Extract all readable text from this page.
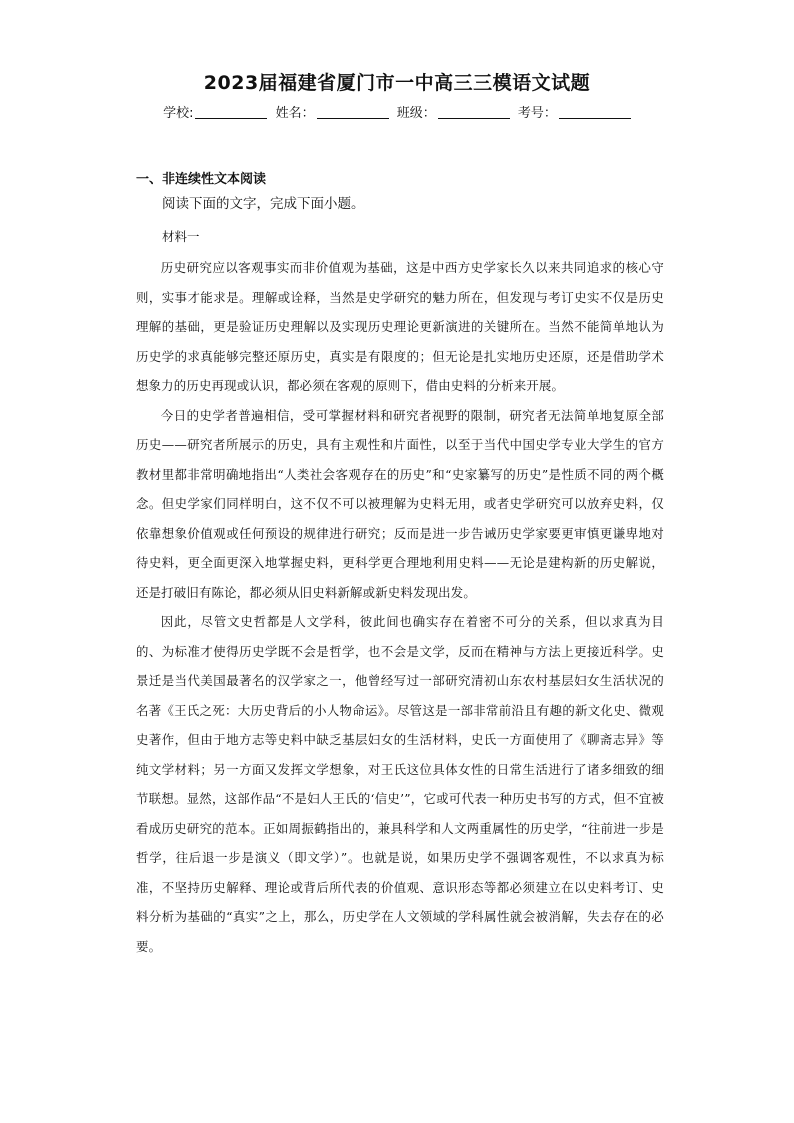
2023届福建省厦门市一中高三三模语文试题
学校:	姓名：	班级：	考号：
一、非连续性文本阅读
阅读下面的文字，完成下面小题。
材料一

历史研究应以客观事实而非价值观为基础，这是中西方史学家长久以来共同追求的核心守则，实事才能求是。理解或诠释，当然是史学研究的魅力所在，但发现与考订史实不仅是历史理解的基础，更是验证历史理解以及实现历史理论更新演进的关键所在。当然不能简单地认为历史学的求真能够完整还原历史，真实是有限度的；但无论是扎实地历史还原，还是借助学术想象力的历史再现或认识，都必须在客观的原则下，借由史料的分析来开展。

今日的史学者普遍相信，受可掌握材料和研究者视野的限制，研究者无法简单地复原全部历史——研究者所展示的历史，具有主观性和片面性，以至于当代中国史学专业大学生的官方教材里都非常明确地指出“人类社会客观存在的历史”和“史家纂写的历史”是性质不同的两个概念。但史学家们同样明白，这不仅不可以被理解为史料无用，或者史学研究可以放弃史料，仅依靠想象价值观或任何预设的规律进行研究；反而是进一步告诫历史学家要更审慎更谦卑地对待史料，更全面更深入地掌握史料，更科学更合理地利用史料——无论是建构新的历史解说，还是打破旧有陈论，都必须从旧史料新解或新史料发现出发。

因此，尽管文史哲都是人文学科，彼此间也确实存在着密不可分的关系，但以求真为目的、为标准才使得历史学既不会是哲学，也不会是文学，反而在精神与方法上更接近科学。史景迁是当代美国最著名的汉学家之一，他曾经写过一部研究清初山东农村基层妇女生活状况的名著《王氏之死：大历史背后的小人物命运》。尽管这是一部非常前沿且有趣的新文化史、微观史著作，但由于地方志等史料中缺乏基层妇女的生活材料，史氏一方面使用了《聊斋志异》等纯文学材料；另一方面又发挥文学想象，对王氏这位具体女性的日常生活进行了诸多细致的细节联想。显然，这部作品“不是妇人王氏的‘信史’”，它或可代表一种历史书写的方式，但不宜被看成历史研究的范本。正如周振鹤指出的，兼具科学和人文两重属性的历史学，“往前进一步是哲学，往后退一步是演义（即文学）”。也就是说，如果历史学不强调客观性，不以求真为标准，不坚持历史解释、理论或背后所代表的价值观、意识形态等都必须建立在以史料考订、史料分析为基础的“真实”之上，那么，历史学在人文领域的学科属性就会被消解，失去存在的必要。
